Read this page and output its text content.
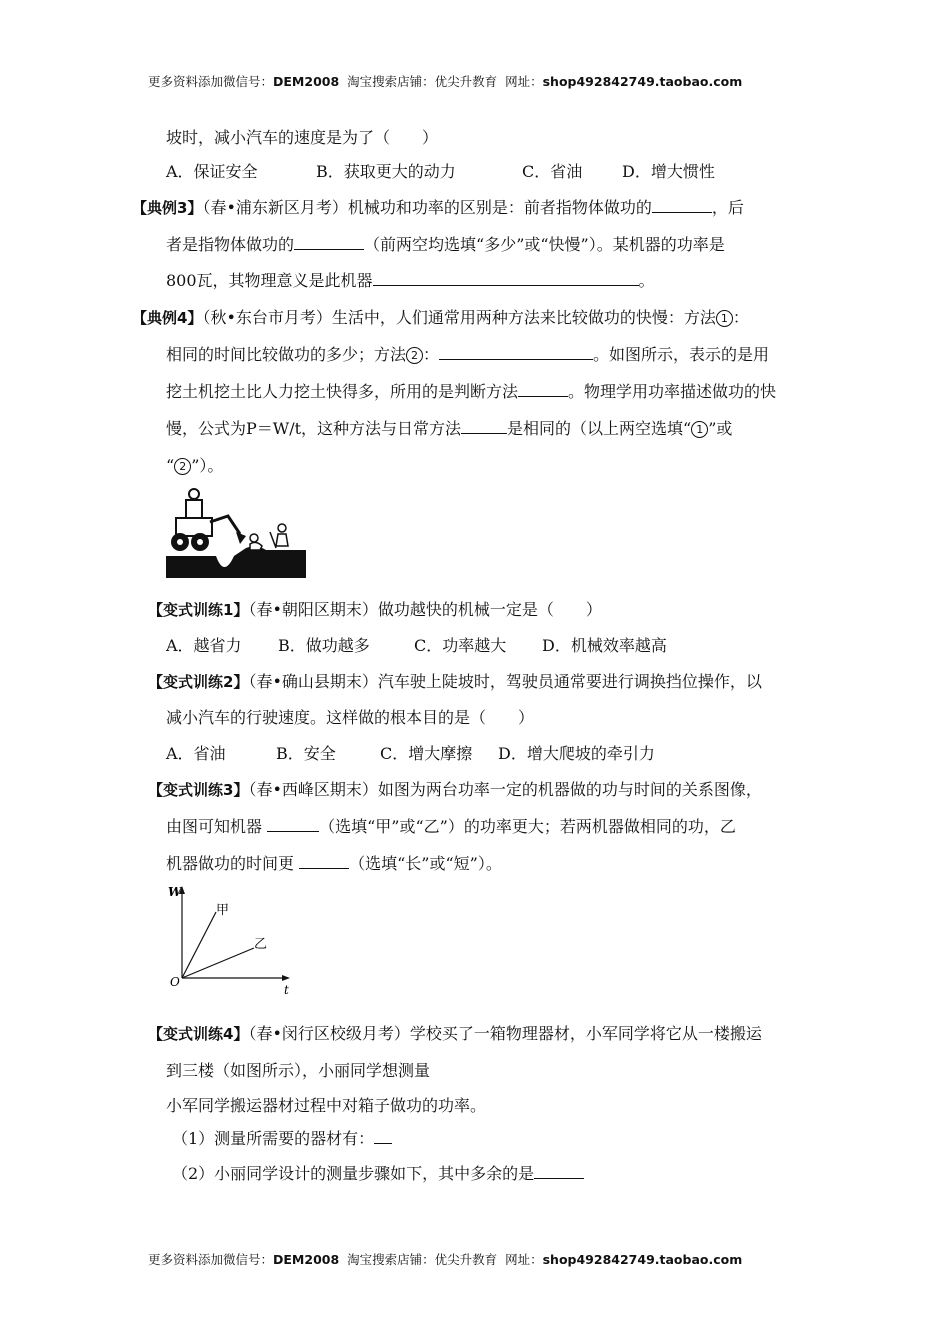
更多资料添加微信号：DEM2008 淘宝搜索店铺：优尖升教育 网址：shop492842749.taobao.com
坡时，减小汽车的速度是为了（　　）
A．保证安全	B．获取更大的动力	C．省油 D．增大惯性
【典例3】（春•浦东新区月考）机械功和功率的区别是：前者指物体做功的	，后
者是指物体做功的	（前两空均选填“多少”或“快慢”）。某机器的功率是
800瓦，其物理意义是此机器	。
【典例4】（秋•东台市月考）生活中，人们通常用两种方法来比较做功的快慢：方法 1 ：
相同的时间比较做功的多少；方法 2 ：	。如图所示，表示的是用
挖土机挖土比人力挖土快得多，所用的是判断方法	。物理学用功率描述做功的快
慢，公式为P＝W/t，这种方法与日常方法	是相同的（以上两空选填“ 1 ”或
“ 2 ”）。
【变式训练1】（春•朝阳区期末）做功越快的机械一定是（　　）
A．越省力 B．做功越多	C．功率越大 D．机械效率越高
【变式训练2】（春•确山县期末）汽车驶上陡坡时，驾驶员通常要进行调换挡位操作，以
减小汽车的行驶速度。这样做的根本目的是（　　）
A．省油	B．安全	C．增大摩擦 D．增大爬坡的牵引力
【变式训练3】（春•西峰区期末）如图为两台功率一定的机器做的功与时间的关系图像，
由图可知机器	（选填“甲”或“乙”）的功率更大；若两机器做相同的功，乙
机器做功的时间更	（选填“长”或“短”）。
W
t
O
甲
乙
【变式训练4】（春•闵行区校级月考）学校买了一箱物理器材，小军同学将它从一楼搬运
到三楼（如图所示），小丽同学想测量
小军同学搬运器材过程中对箱子做功的功率。
（1）测量所需要的器材有：
（2）小丽同学设计的测量步骤如下，其中多余的是
更多资料添加微信号：DEM2008 淘宝搜索店铺：优尖升教育 网址：shop492842749.taobao.com
